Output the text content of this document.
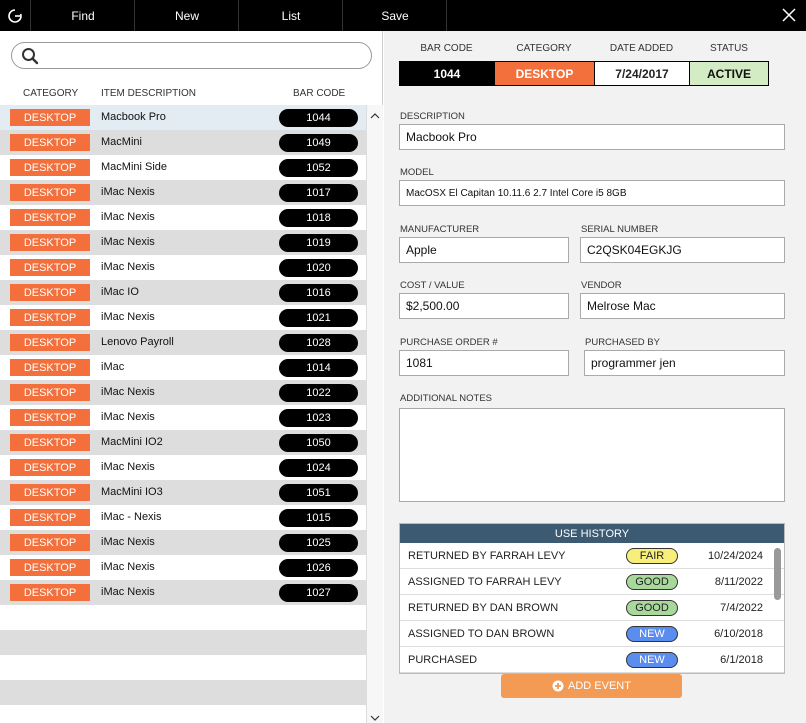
Find	New	List	Save
CATEGORY ITEM DESCRIPTION	BAR CODE
DESKTOP	Macbook Pro	1044
DESKTOP	MacMini	1049
DESKTOP	MacMini Side	1052
DESKTOP	iMac Nexis	1017
DESKTOP	iMac Nexis	1018
DESKTOP	iMac Nexis	1019
DESKTOP	iMac Nexis	1020
DESKTOP	iMac IO	1016
DESKTOP	iMac Nexis	1021
DESKTOP	Lenovo Payroll	1028
DESKTOP	iMac	1014
DESKTOP	iMac Nexis	1022
DESKTOP	iMac Nexis	1023
DESKTOP	MacMini IO2	1050
DESKTOP	iMac Nexis	1024
DESKTOP	MacMini IO3	1051
DESKTOP	iMac - Nexis	1015
DESKTOP	iMac Nexis	1025
DESKTOP	iMac Nexis	1026
DESKTOP	iMac Nexis	1027
BAR CODE	CATEGORY	DATE ADDED	STATUS
1044	DESKTOP	7/24/2017	ACTIVE
DESCRIPTION
Macbook Pro
MODEL
MacOSX El Capitan 10.11.6 2.7 Intel Core i5 8GB
MANUFACTURER
Apple	SERIAL NUMBER
C2QSK04EGKJG
COST / VALUE
$2,500.00	VENDOR
Melrose Mac
PURCHASE ORDER #
1081	PURCHASED BY
programmer jen
ADDITIONAL NOTES
USE HISTORY
RETURNED BY FARRAH LEVY	FAIR	10/24/2024
ASSIGNED TO FARRAH LEVY	GOOD	8/11/2022
RETURNED BY DAN BROWN	GOOD	7/4/2022
ASSIGNED TO DAN BROWN	NEW	6/10/2018
PURCHASED	NEW	6/1/2018
ADD EVENT
